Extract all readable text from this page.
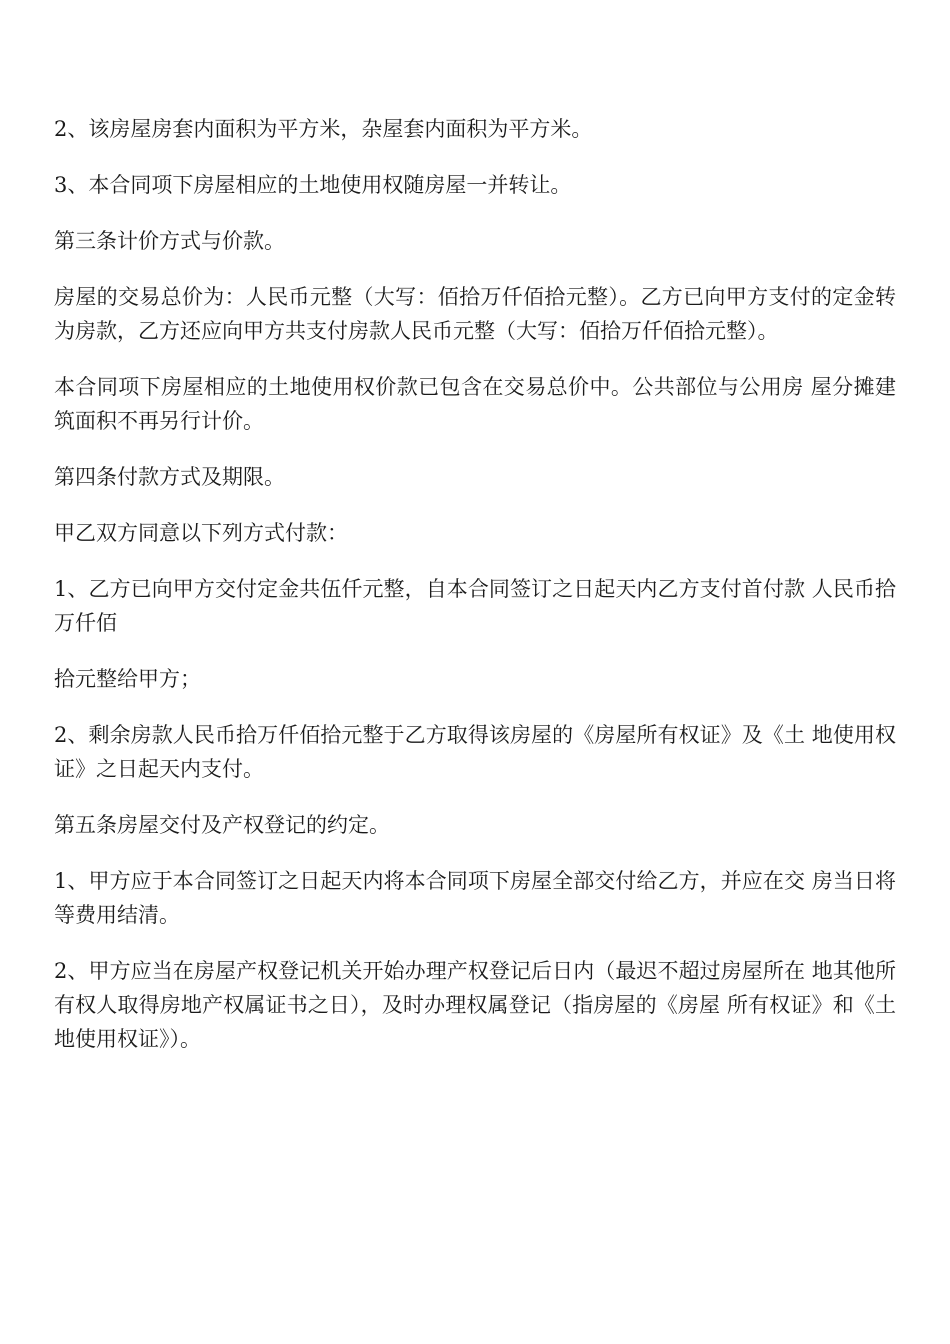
2、该房屋房套内面积为平方米，杂屋套内面积为平方米。

3、本合同项下房屋相应的土地使用权随房屋一并转让。

第三条计价方式与价款。

房屋的交易总价为：人民币元整（大写：佰拾万仟佰拾元整）。乙方已向甲方支付的定金转为房款，乙方还应向甲方共支付房款人民币元整（大写：佰拾万仟佰拾元整）。

本合同项下房屋相应的土地使用权价款已包含在交易总价中。公共部位与公用房 屋分摊建筑面积不再另行计价。

第四条付款方式及期限。

甲乙双方同意以下列方式付款：

1、乙方已向甲方交付定金共伍仟元整，自本合同签订之日起天内乙方支付首付款 人民币拾万仟佰

拾元整给甲方；

2、剩余房款人民币拾万仟佰拾元整于乙方取得该房屋的《房屋所有权证》及《土 地使用权证》之日起天内支付。

第五条房屋交付及产权登记的约定。

1、甲方应于本合同签订之日起天内将本合同项下房屋全部交付给乙方，并应在交 房当日将等费用结清。

2、甲方应当在房屋产权登记机关开始办理产权登记后日内（最迟不超过房屋所在 地其他所有权人取得房地产权属证书之日），及时办理权属登记（指房屋的《房屋 所有权证》和《土地使用权证》）。
